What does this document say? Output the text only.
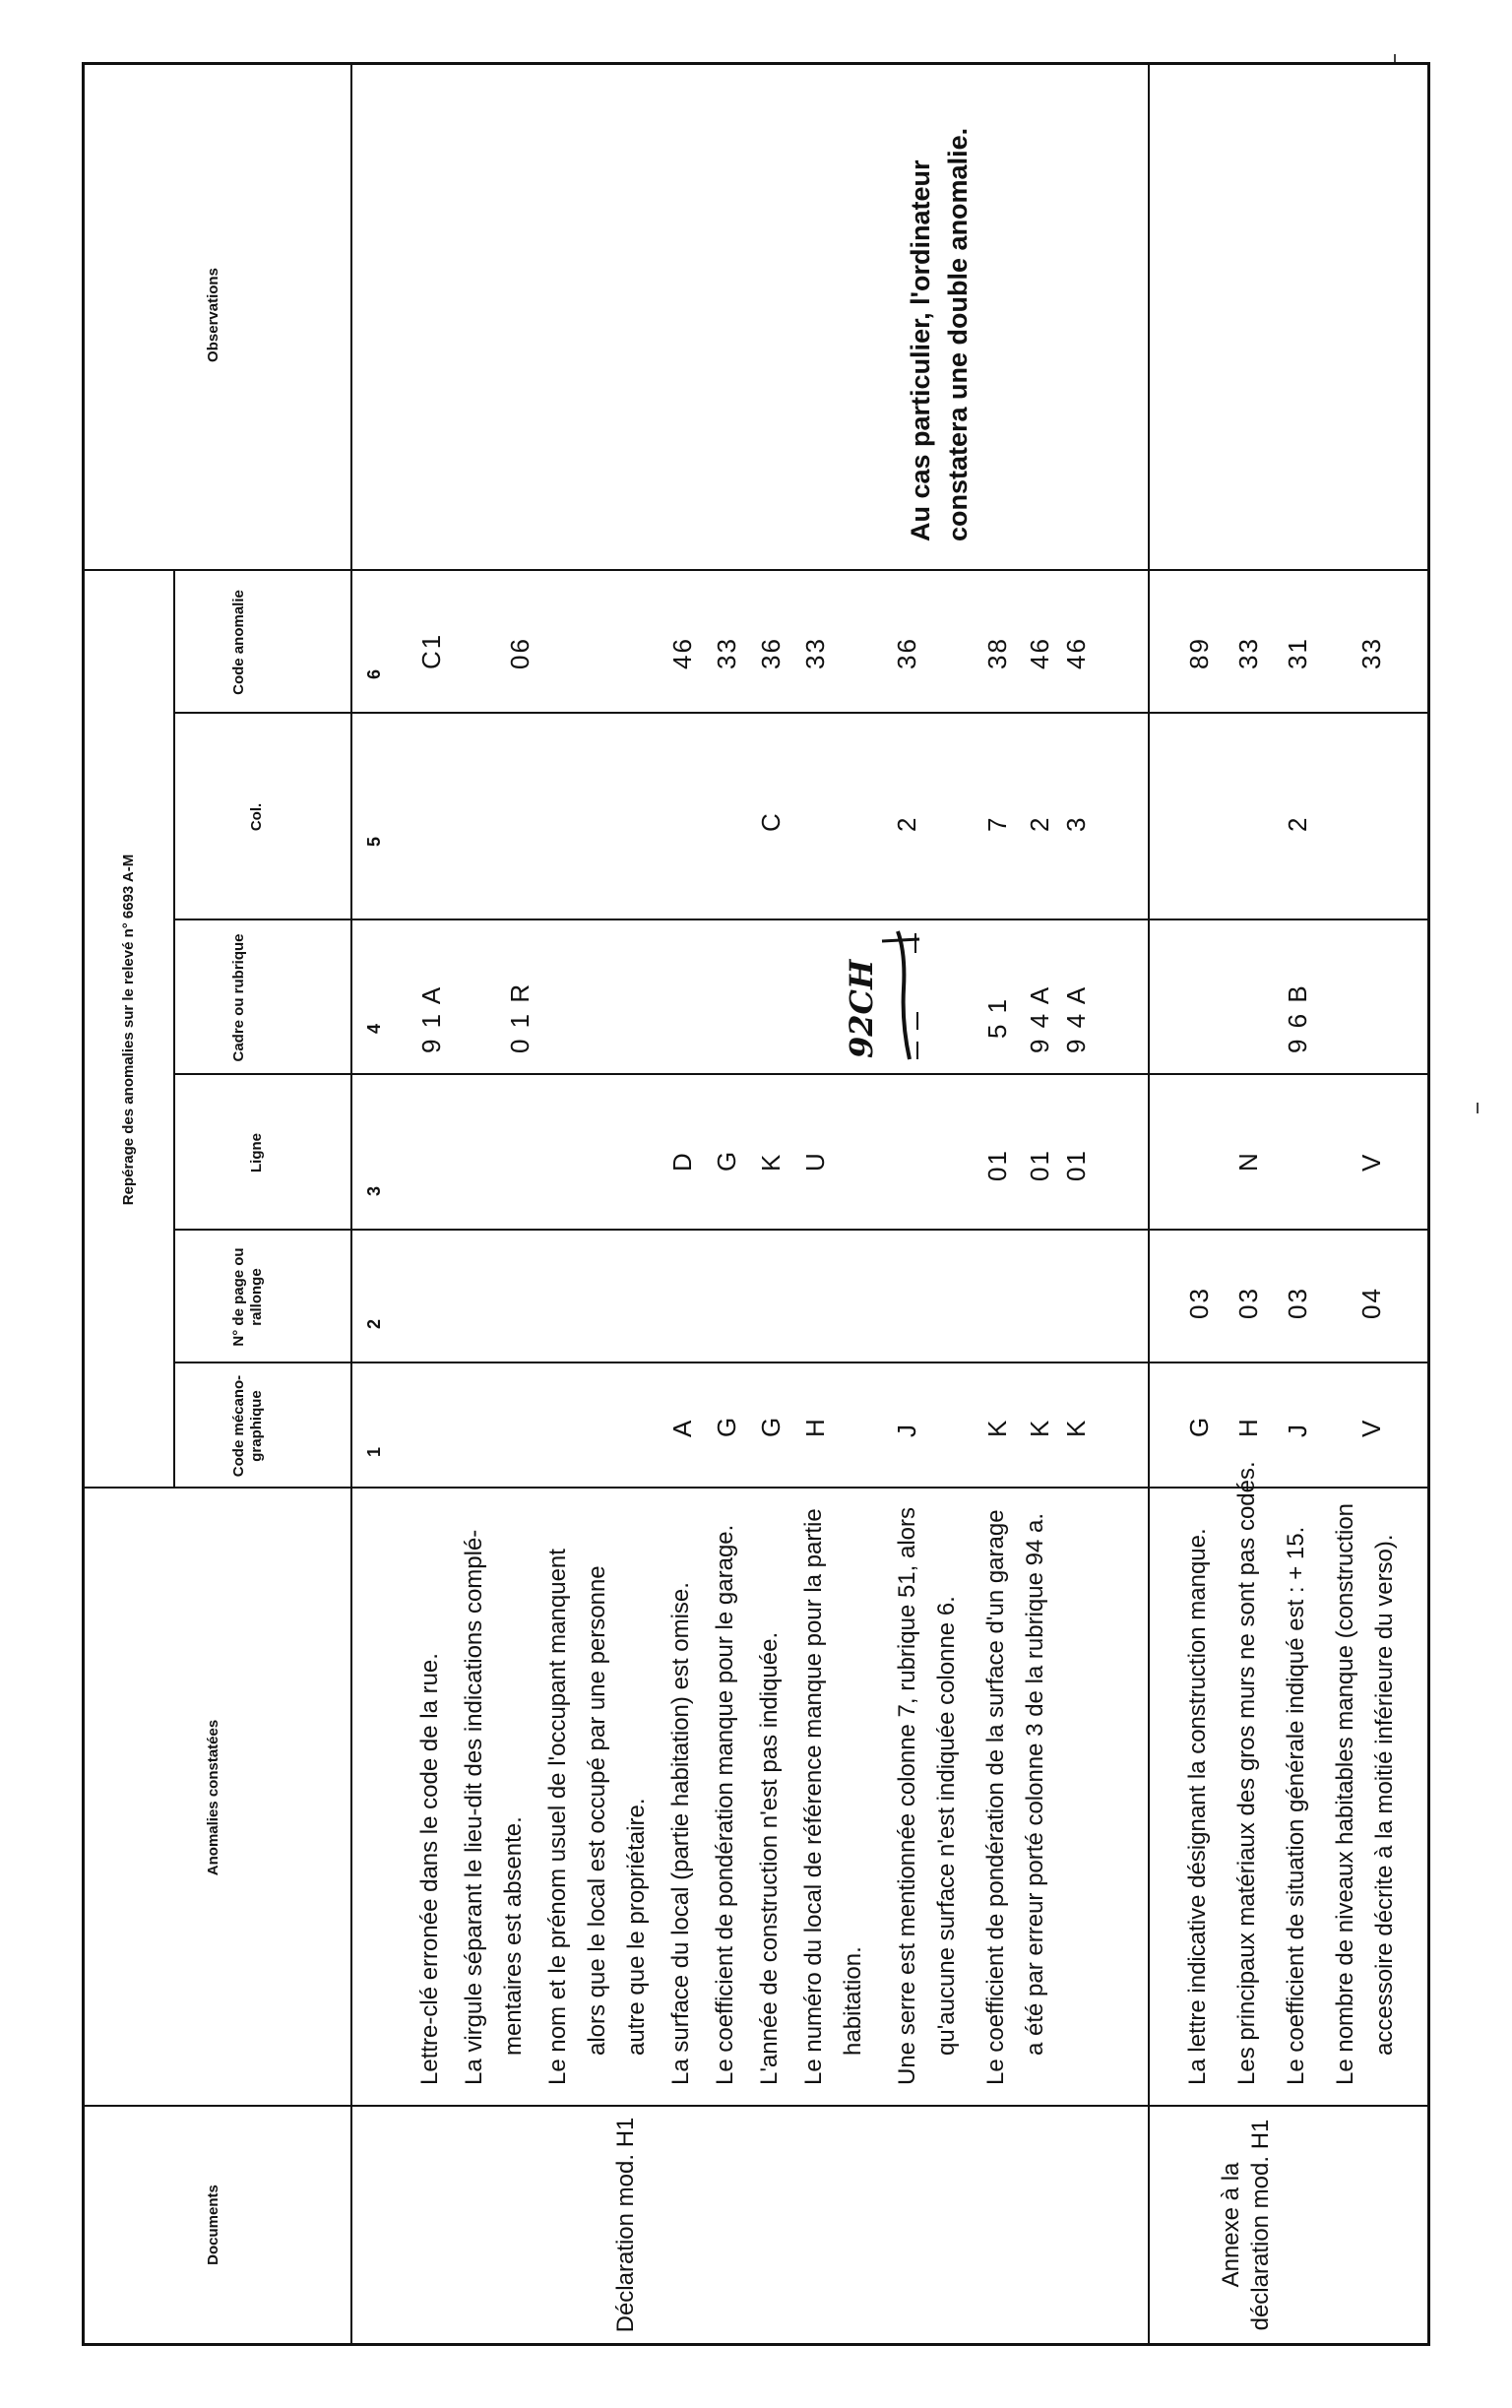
Documents
Anomalies constatées
Repérage des anomalies sur le relevé n° 6693 A-M
Code mécano-graphique
N° de page ou rallonge
Ligne
Cadre ou rubrique
Col.
Code anomalie
Observations
1
2
3
4
5
6
Déclaration mod. H1	Annexe à la déclaration mod. H1
Lettre-clé erronée dans le code de la rue. La virgule séparant le lieu-dit des indications complé- mentaires est absente. Le nom et le prénom usuel de l'occupant manquent alors que le local est occupé par une personne autre que le propriétaire. La surface du local (partie habitation) est omise. Le coefficient de pondération manque pour le garage. L'année de construction n'est pas indiquée. Le numéro du local de référence manque pour la partie habitation. Une serre est mentionnée colonne 7, rubrique 51, alors qu'aucune surface n'est indiquée colonne 6. Le coefficient de pondération de la surface d'un garage a été par erreur porté colonne 3 de la rubrique 94 a.	La lettre indicative désignant la construction manque. Les principaux matériaux des gros murs ne sont pas codés. Le coefficient de situation générale indiqué est : + 15. Le nombre de niveaux habitables manque (construction accessoire décrite à la moitié inférieure du verso).
9 1 A
C1
0 1 R
06
A
D
46
G
G
33
G
K
C
36
H
U
33
J
92CH
2
36
K
01
5 1
7
38
K
01
9 4 A
2
46
K
01
9 4 A
3
46
Au cas particulier, l'ordinateur constatera une double anomalie.
G
03
89
H
03
N
33
J
03
9 6 B
2
31
V
04
V
33
